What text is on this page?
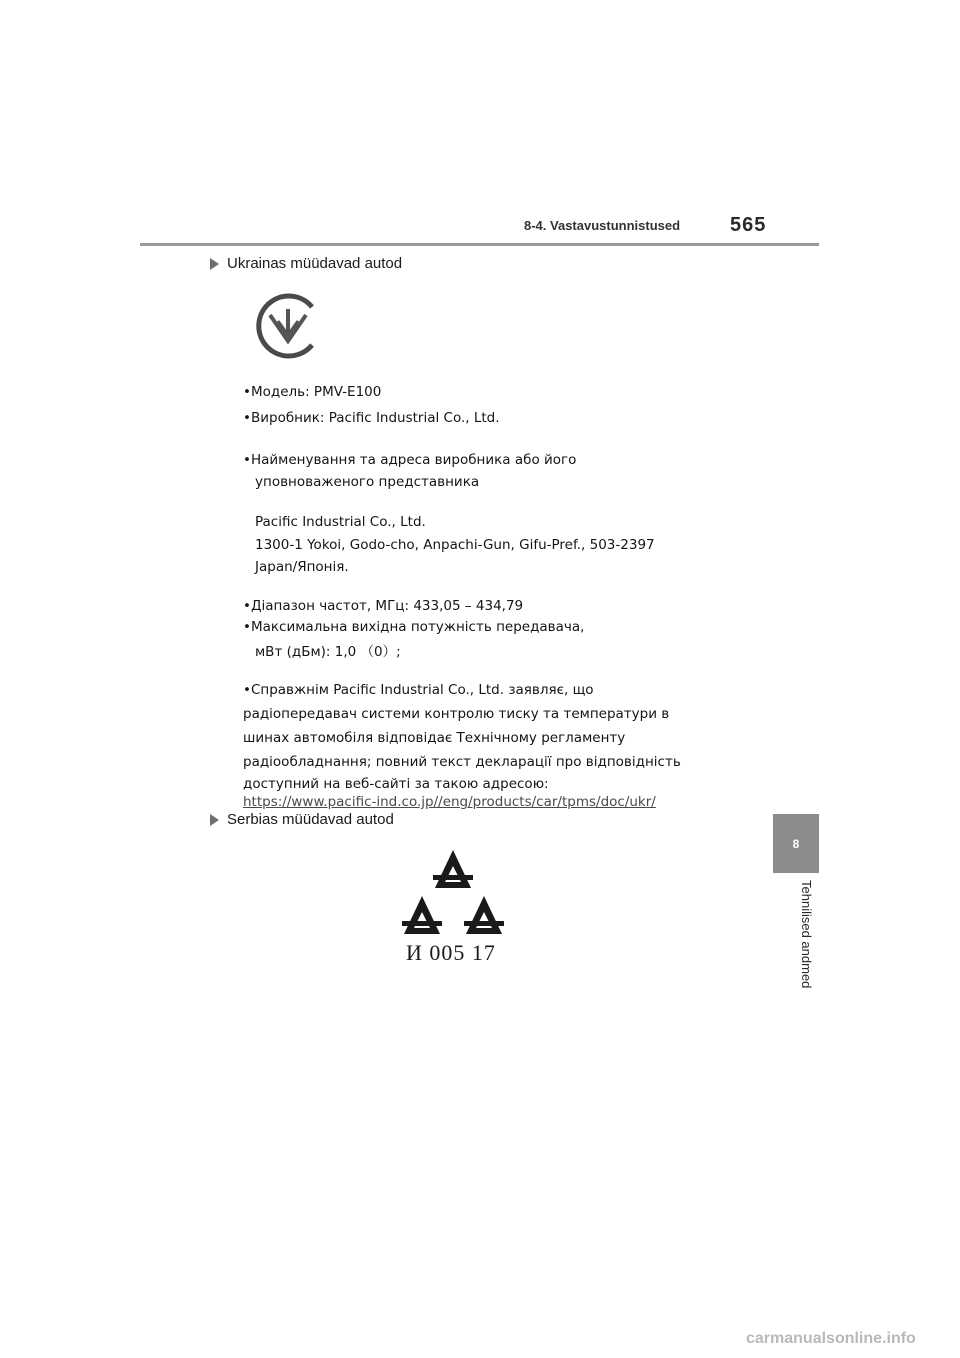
8-4. Vastavustunnistused 565
8
Tehnilised andmed
Ukrainas müüdavad autod
•Модель: PMV-E100
•Виробник: Pacific Industrial Co., Ltd.
•Найменування та адреса виробника або його
уповноваженого представника
Pacific Industrial Co., Ltd.
1300-1 Yokoi, Godo-cho, Anpachi-Gun, Gifu-Pref., 503-2397
Japan/Японія.
•Діапазон частот, МГц: 433,05 – 434,79
•Максимальна вихідна потужність передавача,
мВт (дБм): 1,0 （0）;
•Справжнім Pacific Industrial Co., Ltd. заявляє, що
радіопередавач системи контролю тиску та температури в
шинах автомобіля відповідає Технічному регламенту
радіообладнання; повний текст декларації про відповідність
доступний на веб-сайті за такою адресою:
https://www.pacific-ind.co.jp//eng/products/car/tpms/doc/ukr/
Serbias müüdavad autod
И 005 17
carmanualsonline.info
